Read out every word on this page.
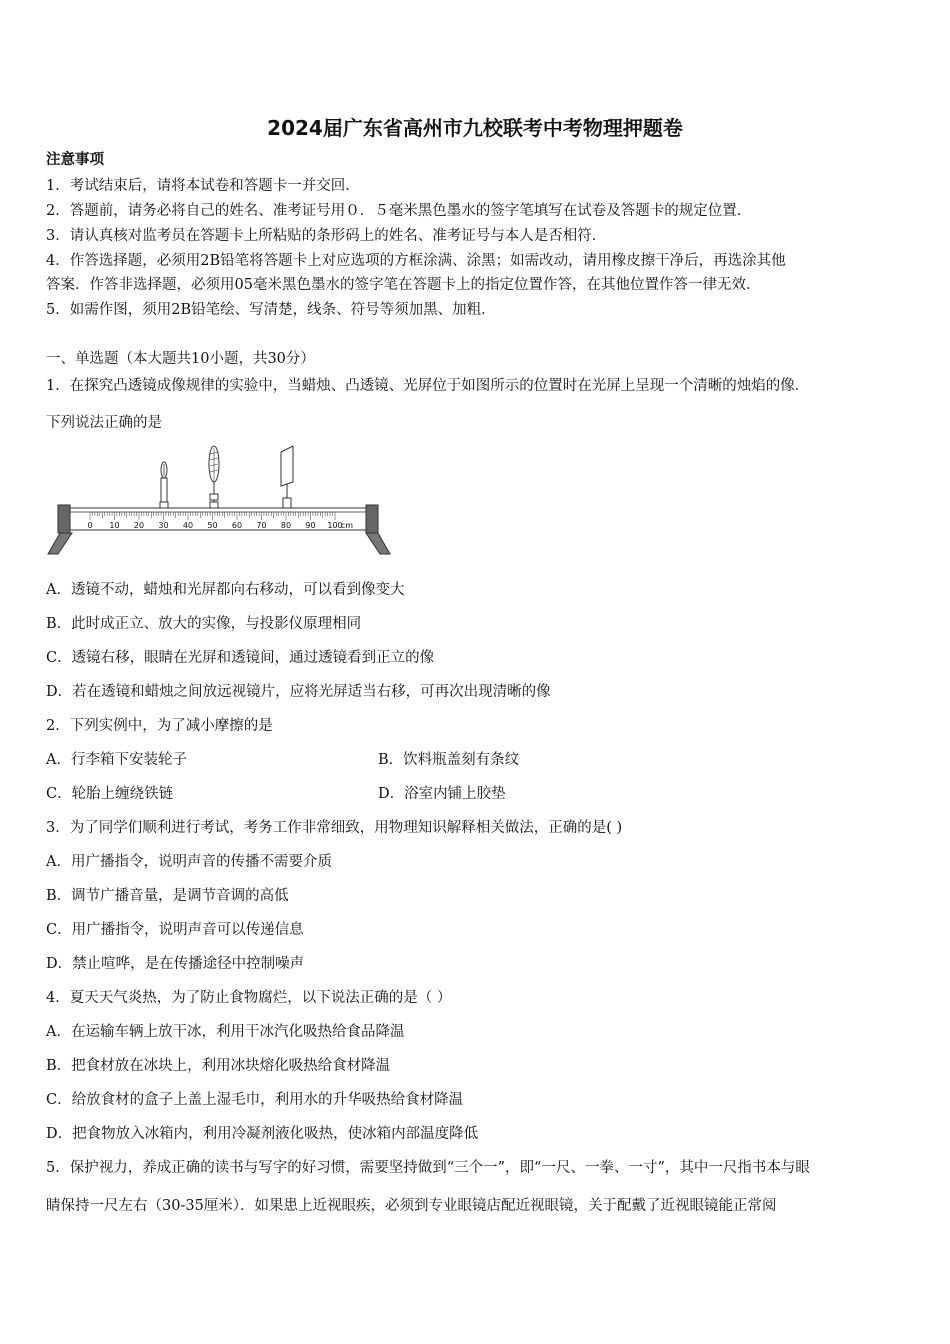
2024届广东省高州市九校联考中考物理押题卷
注意事项
1．考试结束后，请将本试卷和答题卡一并交回．
2．答题前，请务必将自己的姓名、准考证号用０．５毫米黑色墨水的签字笔填写在试卷及答题卡的规定位置．
3．请认真核对监考员在答题卡上所粘贴的条形码上的姓名、准考证号与本人是否相符．
4．作答选择题，必须用2B铅笔将答题卡上对应选项的方框涂满、涂黑；如需改动，请用橡皮擦干净后，再选涂其他
答案．作答非选择题，必须用05毫米黑色墨水的签字笔在答题卡上的指定位置作答，在其他位置作答一律无效．
5．如需作图，须用2B铅笔绘、写清楚，线条、符号等须加黑、加粗．
一、单选题（本大题共10小题，共30分）
1．在探究凸透镜成像规律的实验中，当蜡烛、凸透镜、光屏位于如图所示的位置时在光屏上呈现一个清晰的烛焰的像．
下列说法正确的是
0 10 20 30 40 50 60 70 80 90 100
cm
A．透镜不动，蜡烛和光屏都向右移动，可以看到像变大
B．此时成正立、放大的实像，与投影仪原理相同
C．透镜右移，眼睛在光屏和透镜间，通过透镜看到正立的像
D．若在透镜和蜡烛之间放远视镜片，应将光屏适当右移，可再次出现清晰的像
2．下列实例中，为了减小摩擦的是
A．行李箱下安装轮子	B．饮料瓶盖刻有条纹
C．轮胎上缠绕铁链	D．浴室内铺上胶垫
3．为了同学们顺利进行考试，考务工作非常细致，用物理知识解释相关做法，正确的是( )
A．用广播指令，说明声音的传播不需要介质
B．调节广播音量，是调节音调的高低
C．用广播指令，说明声音可以传递信息
D．禁止喧哗，是在传播途径中控制噪声
4．夏天天气炎热，为了防止食物腐烂，以下说法正确的是（ ）
A．在运输车辆上放干冰，利用干冰汽化吸热给食品降温
B．把食材放在冰块上，利用冰块熔化吸热给食材降温
C．给放食材的盒子上盖上湿毛巾，利用水的升华吸热给食材降温
D．把食物放入冰箱内，利用冷凝剂液化吸热，使冰箱内部温度降低
5．保护视力，养成正确的读书与写字的好习惯，需要坚持做到“三个一”，即“一尺、一拳、一寸”，其中一尺指书本与眼
睛保持一尺左右（30-35厘米）．如果患上近视眼疾，必须到专业眼镜店配近视眼镜，关于配戴了近视眼镜能正常阅
